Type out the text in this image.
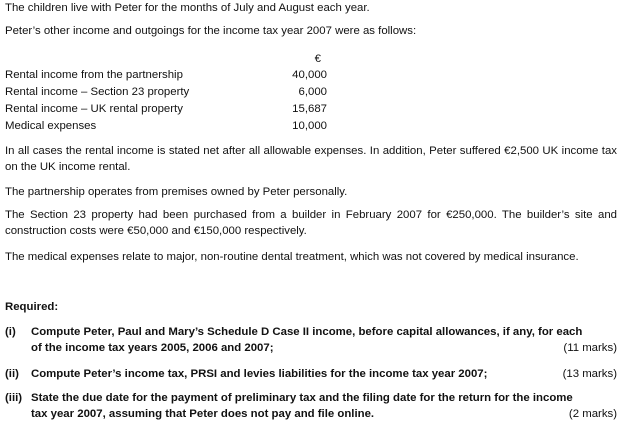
The children live with Peter for the months of July and August each year.

Peter’s other income and outgoings for the income tax year 2007 were as follows:

€
Rental income from the partnership	40,000
Rental income – Section 23 property	6,000
Rental income – UK rental property	15,687
Medical expenses	10,000

In all cases the rental income is stated net after all allowable expenses. In addition, Peter suffered €2,500 UK income tax on the UK income rental.

The partnership operates from premises owned by Peter personally.

The Section 23 property had been purchased from a builder in February 2007 for €250,000. The builder’s site and construction costs were €50,000 and €150,000 respectively.

The medical expenses relate to major, non-routine dental treatment, which was not covered by medical insurance.

Required:

(i) Compute Peter, Paul and Mary’s Schedule D Case II income, before capital allowances, if any, for each
of the income tax years 2005, 2006 and 2007;	(11 marks)
(ii) Compute Peter’s income tax, PRSI and levies liabilities for the income tax year 2007;	(13 marks)
(iii) State the due date for the payment of preliminary tax and the filing date for the return for the income
tax year 2007, assuming that Peter does not pay and file online.	(2 marks)
